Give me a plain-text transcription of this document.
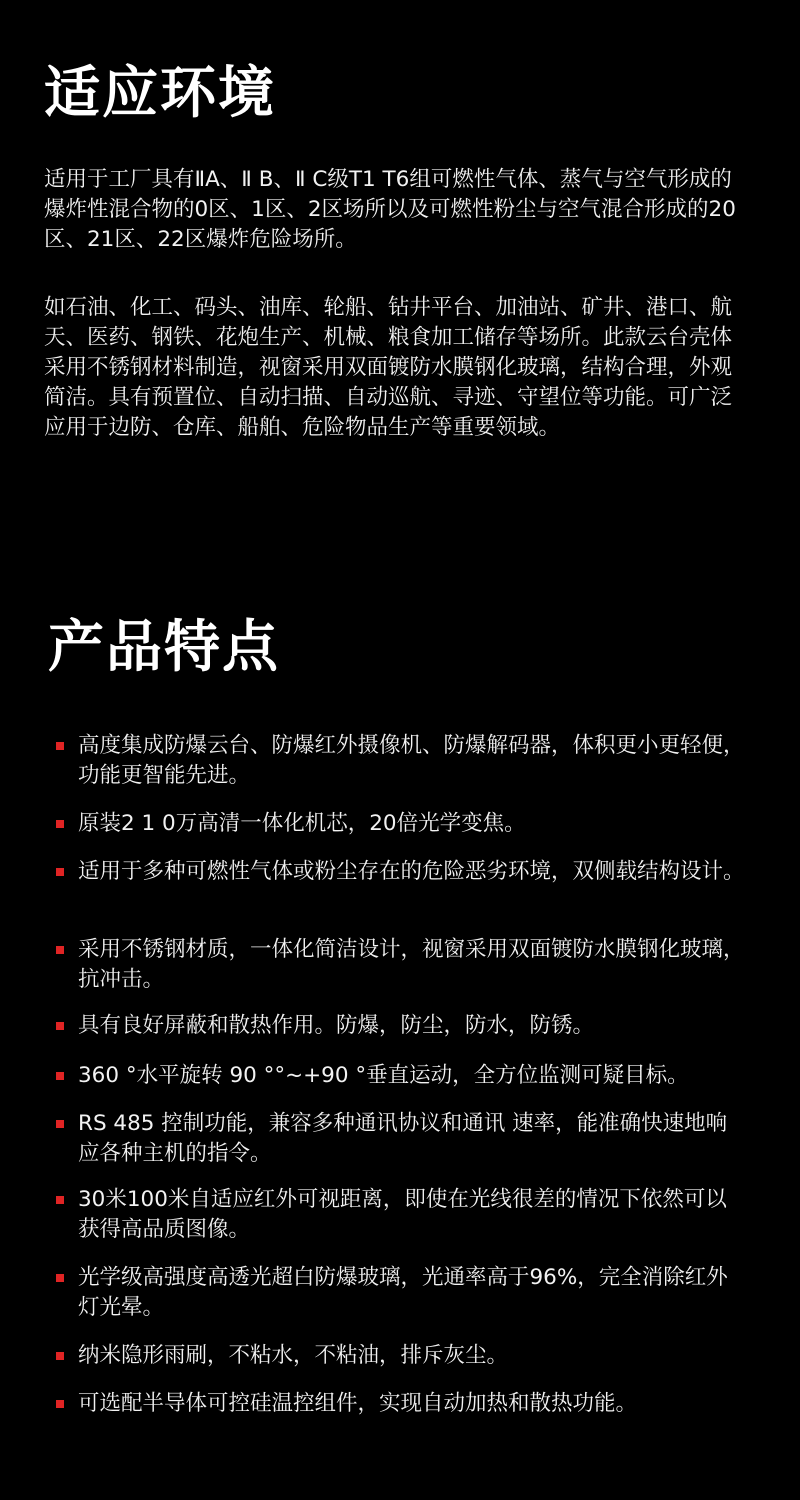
适应环境

适用于工厂具有ⅡA、Ⅱ B、Ⅱ C级T1 T6组可燃性气体、蒸气与空气形成的爆炸性混合物的0区、1区、2区场所以及可燃性粉尘与空气混合形成的20区、21区、22区爆炸危险场所。

如石油、化工、码头、油库、轮船、钻井平台、加油站、矿井、港口、航天、医药、钢铁、花炮生产、机械、粮食加工储存等场所。此款云台壳体采用不锈钢材料制造，视窗采用双面镀防水膜钢化玻璃，结构合理，外观简洁。具有预置位、自动扫描、自动巡航、寻迹、守望位等功能。可广泛应用于边防、仓库、船舶、危险物品生产等重要领域。

产品特点

高度集成防爆云台、防爆红外摄像机、防爆解码器，体积更小更轻便，功能更智能先进。

原装2 1 0万高清一体化机芯，20倍光学变焦。

适用于多种可燃性气体或粉尘存在的危险恶劣环境，双侧载结构设计。

采用不锈钢材质，一体化简洁设计，视窗采用双面镀防水膜钢化玻璃，抗冲击。

具有良好屏蔽和散热作用。防爆，防尘，防水，防锈。

360 °水平旋转 90 °°~+90 °垂直运动，全方位监测可疑目标。

RS 485 控制功能，兼容多种通讯协议和通讯 速率，能准确快速地响应各种主机的指令。

30米100米自适应红外可视距离，即使在光线很差的情况下依然可以获得高品质图像。

光学级高强度高透光超白防爆玻璃，光通率高于96%，完全消除红外灯光晕。

纳米隐形雨刷，不粘水，不粘油，排斥灰尘。

可选配半导体可控硅温控组件，实现自动加热和散热功能。
